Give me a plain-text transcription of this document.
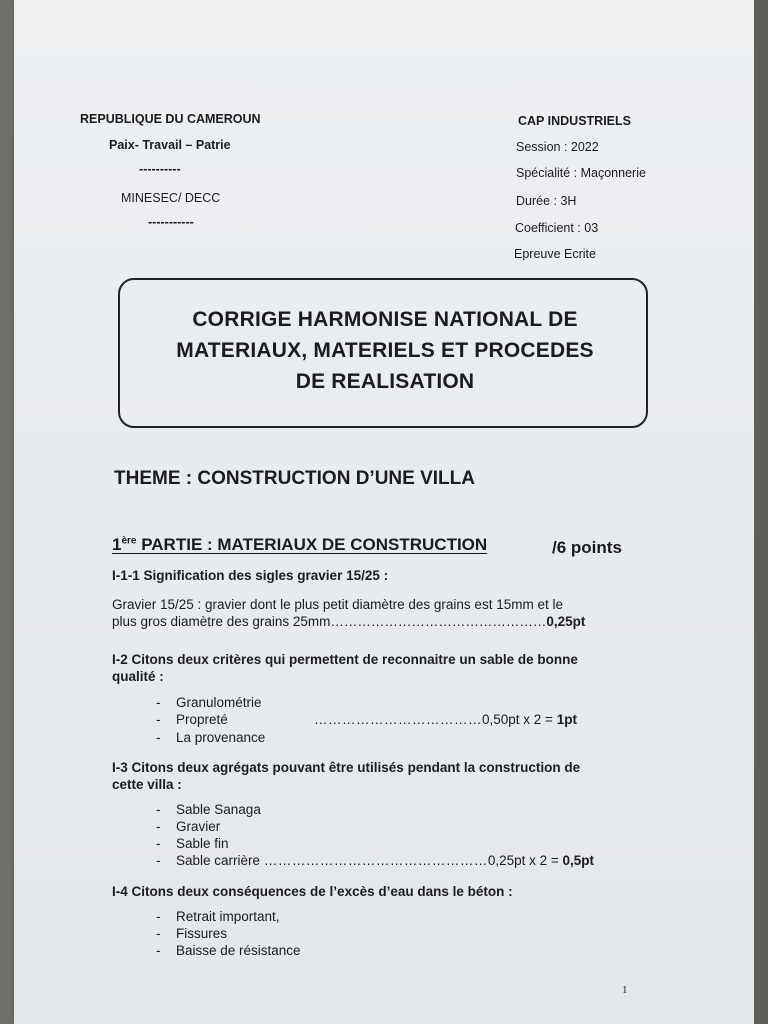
REPUBLIQUE DU CAMEROUN
Paix- Travail – Patrie
----------
MINESEC/ DECC
-----------
CAP INDUSTRIELS
Session : 2022
Spécialité : Maçonnerie
Durée : 3H
Coefficient : 03
Epreuve Ecrite
CORRIGE HARMONISE NATIONAL DE
MATERIAUX, MATERIELS ET PROCEDES
DE REALISATION
THEME : CONSTRUCTION D’UNE VILLA
1ère PARTIE : MATERIAUX DE CONSTRUCTION	/6 points
I-1-1 Signification des sigles gravier 15/25 :
Gravier 15/25 : gravier dont le plus petit diamètre des grains est 15mm et le
plus gros diamètre des grains 25mm…………………………………………0,25pt
I-2 Citons deux critères qui permettent de reconnaitre un sable de bonne
qualité :
- Granulométrie
- Propreté	………………………………0,50pt x 2 = 1pt
- La provenance
I-3 Citons deux agrégats pouvant être utilisés pendant la construction de
cette villa :
- Sable Sanaga
- Gravier
- Sable fin
- Sable carrière …………………………………………0,25pt x 2 = 0,5pt
I-4 Citons deux conséquences de l’excès d’eau dans le béton :
- Retrait important,
- Fissures
- Baisse de résistance
1
